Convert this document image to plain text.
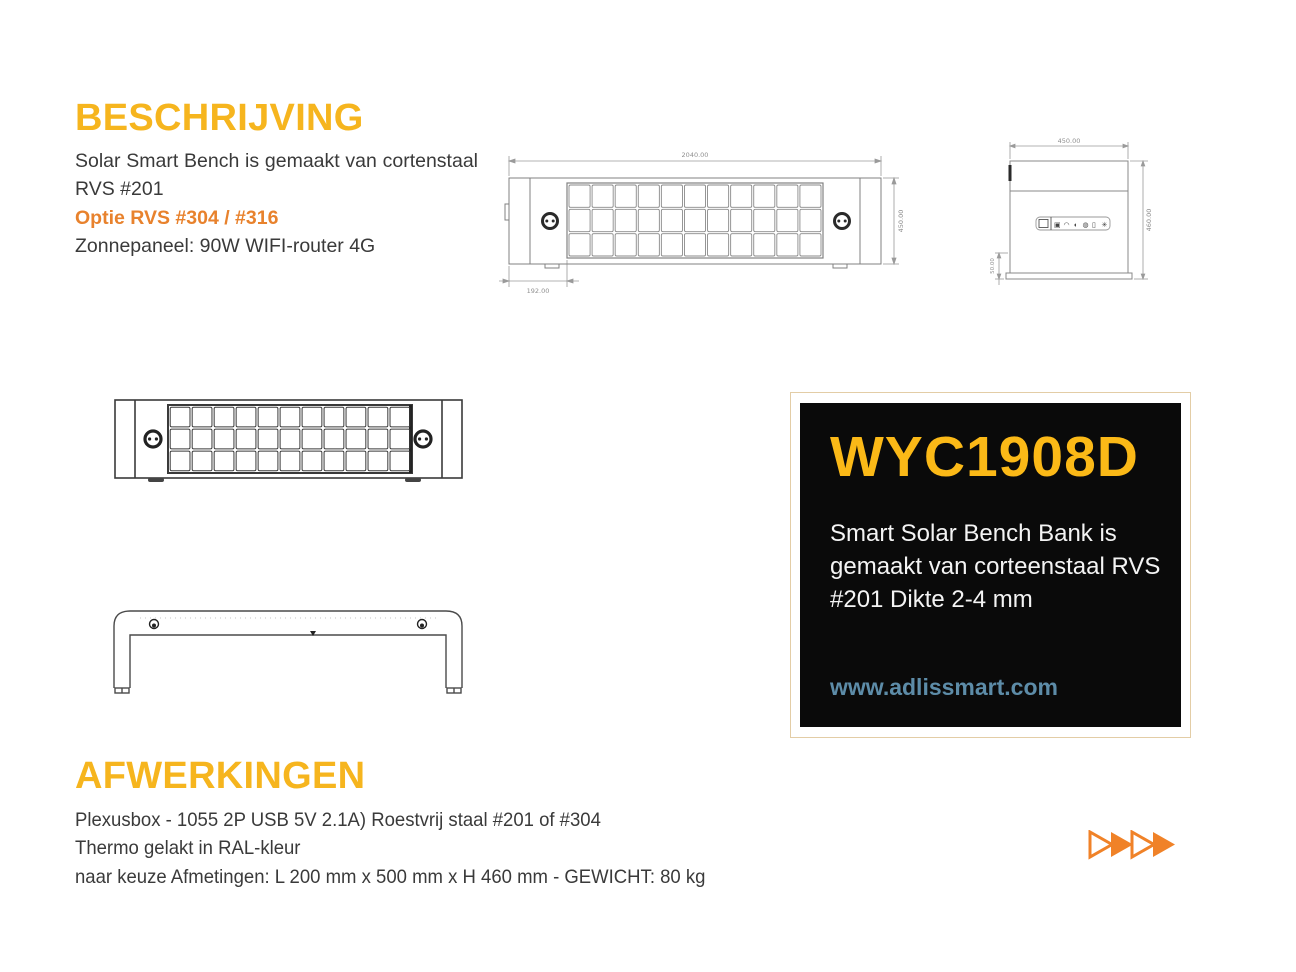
BESCHRIJVING

Solar Smart Bench is gemaakt van cortenstaal RVS #201

Optie RVS #304 / #316

Zonnepaneel: 90W WIFI-router 4G

2040.00
450.00
192.00
450.00
460.00
50.00
▣ ◠ ◖ ◍ ▯ ✳
WYC1908D

Smart Solar Bench Bank is gemaakt van corteenstaal RVS #201 Dikte 2-4 mm

www.adlissmart.com
AFWERKINGEN

Plexusbox - 1055 2P USB 5V 2.1A) Roestvrij staal #201 of #304

Thermo gelakt in RAL-kleur

naar keuze Afmetingen: L 200 mm x 500 mm x H 460 mm - GEWICHT: 80 kg
